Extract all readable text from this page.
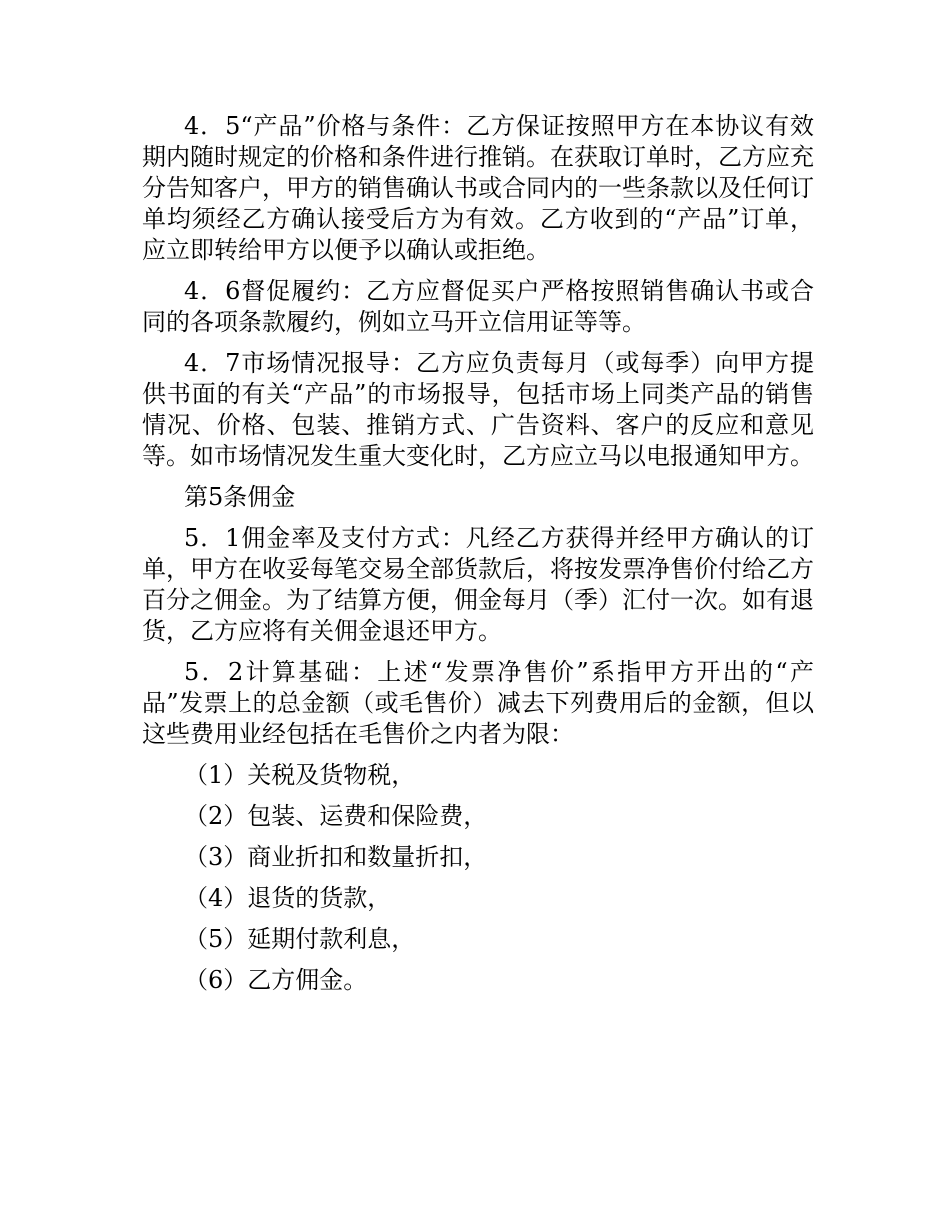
4．5“产品”价格与条件：乙方保证按照甲方在本协议有效期内随时规定的价格和条件进行推销。在获取订单时，乙方应充分告知客户，甲方的销售确认书或合同内的一些条款以及任何订单均须经乙方确认接受后方为有效。乙方收到的“产品”订单，应立即转给甲方以便予以确认或拒绝。

4．6督促履约：乙方应督促买户严格按照销售确认书或合同的各项条款履约，例如立马开立信用证等等。

4．7市场情况报导：乙方应负责每月（或每季）向甲方提供书面的有关“产品”的市场报导，包括市场上同类产品的销售情况、价格、包装、推销方式、广告资料、客户的反应和意见等。如市场情况发生重大变化时，乙方应立马以电报通知甲方。

第5条佣金

5．1佣金率及支付方式：凡经乙方获得并经甲方确认的订单，甲方在收妥每笔交易全部货款后，将按发票净售价付给乙方百分之佣金。为了结算方便，佣金每月（季）汇付一次。如有退货，乙方应将有关佣金退还甲方。

5．2计算基础：上述“发票净售价”系指甲方开出的“产品”发票上的总金额（或毛售价）减去下列费用后的金额，但以这些费用业经包括在毛售价之内者为限：

（1）关税及货物税，

（2）包装、运费和保险费，

（3）商业折扣和数量折扣，

（4）退货的货款，

（5）延期付款利息，

（6）乙方佣金。
